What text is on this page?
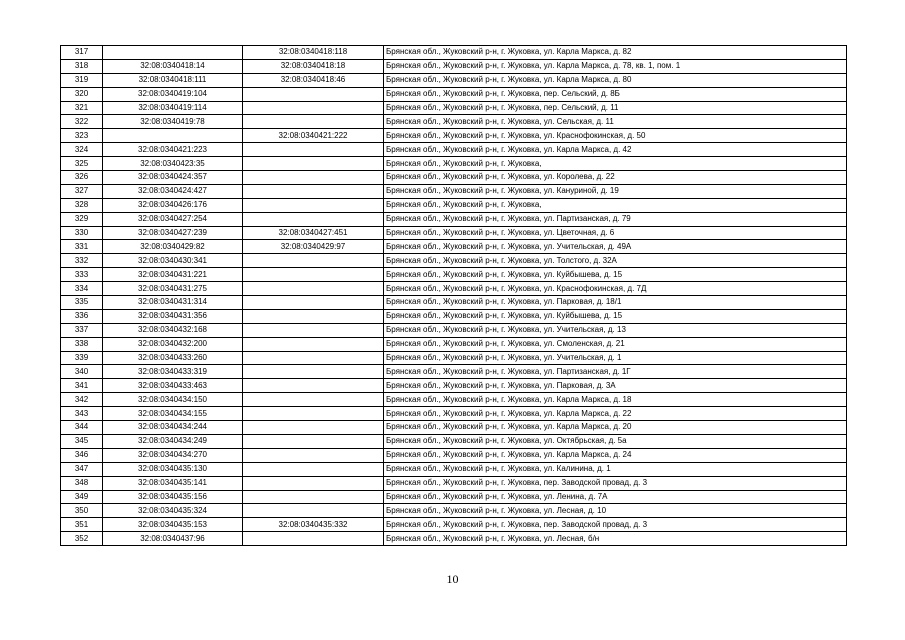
317		32:08:0340418:118	Брянская обл., Жуковский р-н, г. Жуковка, ул. Карла Маркса, д. 82
318	32:08:0340418:14	32:08:0340418:18	Брянская обл., Жуковский р-н, г. Жуковка, ул. Карла Маркса, д. 78, кв. 1, пом. 1
319	32:08:0340418:111	32:08:0340418:46	Брянская обл., Жуковский р-н, г. Жуковка, ул. Карла Маркса, д. 80
320	32:08:0340419:104		Брянская обл., Жуковский р-н, г. Жуковка, пер. Сельский, д. 8Б
321	32:08:0340419:114		Брянская обл., Жуковский р-н, г. Жуковка, пер. Сельский, д. 11
322	32:08:0340419:78		Брянская обл., Жуковский р-н, г. Жуковка, ул. Сельская, д. 11
323		32:08:0340421:222	Брянская обл., Жуковский р-н, г. Жуковка, ул. Краснофокинская, д. 50
324	32:08:0340421:223		Брянская обл., Жуковский р-н, г. Жуковка, ул. Карла Маркса, д. 42
325	32:08:0340423:35		Брянская обл., Жуковский р-н, г. Жуковка,
326	32:08:0340424:357		Брянская обл., Жуковский р-н, г. Жуковка, ул. Королева, д. 22
327	32:08:0340424:427		Брянская обл., Жуковский р-н, г. Жуковка, ул. Кануриной, д. 19
328	32:08:0340426:176		Брянская обл., Жуковский р-н, г. Жуковка,
329	32:08:0340427:254		Брянская обл., Жуковский р-н, г. Жуковка, ул. Партизанская, д. 79
330	32:08:0340427:239	32:08:0340427:451	Брянская обл., Жуковский р-н, г. Жуковка, ул. Цветочная, д. 6
331	32:08:0340429:82	32:08:0340429:97	Брянская обл., Жуковский р-н, г. Жуковка, ул. Учительская, д. 49А
332	32:08:0340430:341		Брянская обл., Жуковский р-н, г. Жуковка, ул. Толстого, д. 32А
333	32:08:0340431:221		Брянская обл., Жуковский р-н, г. Жуковка, ул. Куйбышева, д. 15
334	32:08:0340431:275		Брянская обл., Жуковский р-н, г. Жуковка, ул. Краснофокинская, д. 7Д
335	32:08:0340431:314		Брянская обл., Жуковский р-н, г. Жуковка, ул. Парковая, д. 18/1
336	32:08:0340431:356		Брянская обл., Жуковский р-н, г. Жуковка, ул. Куйбышева, д. 15
337	32:08:0340432:168		Брянская обл., Жуковский р-н, г. Жуковка, ул. Учительская, д. 13
338	32:08:0340432:200		Брянская обл., Жуковский р-н, г. Жуковка, ул. Смоленская, д. 21
339	32:08:0340433:260		Брянская обл., Жуковский р-н, г. Жуковка, ул. Учительская, д. 1
340	32:08:0340433:319		Брянская обл., Жуковский р-н, г. Жуковка, ул. Партизанская, д. 1Г
341	32:08:0340433:463		Брянская обл., Жуковский р-н, г. Жуковка, ул. Парковая, д. 3А
342	32:08:0340434:150		Брянская обл., Жуковский р-н, г. Жуковка, ул. Карла Маркса, д. 18
343	32:08:0340434:155		Брянская обл., Жуковский р-н, г. Жуковка, ул. Карла Маркса, д. 22
344	32:08:0340434:244		Брянская обл., Жуковский р-н, г. Жуковка, ул. Карла Маркса, д. 20
345	32:08:0340434:249		Брянская обл., Жуковский р-н, г. Жуковка, ул. Октябрьская, д. 5а
346	32:08:0340434:270		Брянская обл., Жуковский р-н, г. Жуковка, ул. Карла Маркса, д. 24
347	32:08:0340435:130		Брянская обл., Жуковский р-н, г. Жуковка, ул. Калинина, д. 1
348	32:08:0340435:141		Брянская обл., Жуковский р-н, г. Жуковка, пер. Заводской провад, д. 3
349	32:08:0340435:156		Брянская обл., Жуковский р-н, г. Жуковка, ул. Ленина, д. 7А
350	32:08:0340435:324		Брянская обл., Жуковский р-н, г. Жуковка, ул. Лесная, д. 10
351	32:08:0340435:153	32:08:0340435:332	Брянская обл., Жуковский р-н, г. Жуковка, пер. Заводской провад, д. 3
352	32:08:0340437:96		Брянская обл., Жуковский р-н, г. Жуковка, ул. Лесная, б/н
10
